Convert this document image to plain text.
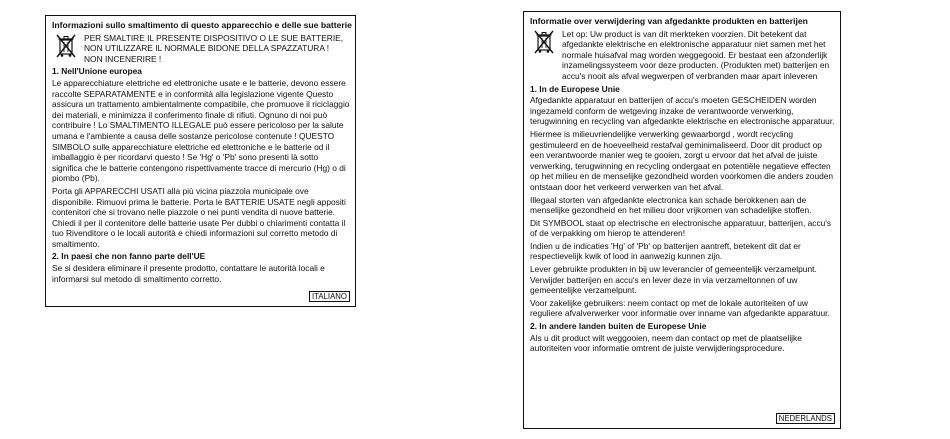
Informazioni sullo smaltimento di questo apparecchio e delle sue batterie
PER SMALTIRE IL PRESENTE DISPOSITIVO O LE SUE BATTERIE, NON UTILIZZARE IL NORMALE BIDONE DELLA SPAZZATURA ! NON INCENERIRE !
1. Nell'Unione europea

Le apparecchiature elettriche ed elettroniche usate e le batterie, devono essere raccolte SEPARATAMENTE e in conformità alla legislazione vigente Questo assicura un trattamento ambientalmente compatibile, che promuove il riciclaggio dei materiali, e minimizza il conferimento finale di rifiuti. Ognuno di noi può contribuire ! Lo SMALTIMENTO ILLEGALE può essere pericoloso per la salute umana e l'ambiente a causa delle sostanze pericolose contenute ! QUESTO SIMBOLO sulle apparecchiature elettriche ed elettroniche e le batterie od il imballaggio è per ricordarvi questo ! Se 'Hg' o 'Pb' sono presenti là sotto significa che le batterie contengono rispettivamente tracce di mercurio (Hg) o di piombo (Pb).

Porta gli APPARECCHI USATI alla più vicina piazzola municipale ove disponibile. Rimuovi prima le batterie. Porta le BATTERIE USATE negli appositi contenitori che si trovano nelle piazzole o nei punti vendita di nuove batterie. Chiedi il per il contenitore delle batterie usate Per dubbi o chiarimenti contatta il tuo Rivenditore o le locali autorità e chiedi informazioni sul corretto metodo di smaltimento.

2. In paesi che non fanno parte dell'UE

Se si desidera eliminare il presente prodotto, contattare le autorità locali e informarsi sul metodo di smaltimento corretto.

ITALIANO
Informatie over verwijdering van afgedankte produkten en batterijen
Let op: Uw product is van dit merkteken voorzien. Dit betekent dat afgedankte elektrische en elektronische apparatuur niet samen met het normale huisafval mag worden weggegooid. Er bestaat een afzonderlijk inzamelingssysteem voor deze producten. (Produkten met) batterijen en accu's nooit als afval wegwerpen of verbranden maar apart inleveren
1. In de Europese Unie

Afgedankte apparatuur en batterijen of accu's moeten GESCHEIDEN worden ingezameld conform de wetgeving inzake de verantwoorde verwerking, terugwinning en recycling van afgedankte elektrische en electronische apparatuur.

Hiermee is milieuvriendelijke verwerking gewaarborgd , wordt recycling gestimuleerd en de hoeveelheid restafval geminimaliseerd. Door dit product op een verantwoorde manier weg te gooien, zorgt u ervoor dat het afval de juiste verwerking, terugwinning en recycling ondergaat en potentiële negatieve effecten op het milieu en de menselijke gezondheid worden voorkomen die anders zouden ontstaan door het verkeerd verwerken van het afval.

Illegaal storten van afgedankte electronica kan schade berokkenen aan de menselijke gezondheid en het milieu door vrijkomen van schadelijke stoffen.

Dit SYMBOOL staat op electrische en electronische apparatuur, batterijen, accu's of de verpakking om hierop te attenderen!

Indien u de indicaties 'Hg' of 'Pb' op batterijen aantreft, betekent dit dat er respectievelijk kwik of lood in aanwezig kunnen zijn.

Lever gebruikte produkten in bij uw leverancier of gemeentelijk verzamelpunt. Verwijder batterijen en accu's en lever deze in via verzameltonnen of uw gemeentelijke verzamelpunt.

Voor zakelijke gebruikers: neem contact op met de lokale autoriteiten of uw reguliere afvalverwerker voor informatie over inname van afgedankte apparatuur.

2. In andere landen buiten de Europese Unie

Als u dit product wilt weggooien, neem dan contact op met de plaatselijke autoriteiten voor informatie omtrent de juiste verwijderingsprocedure.

NEDERLANDS
